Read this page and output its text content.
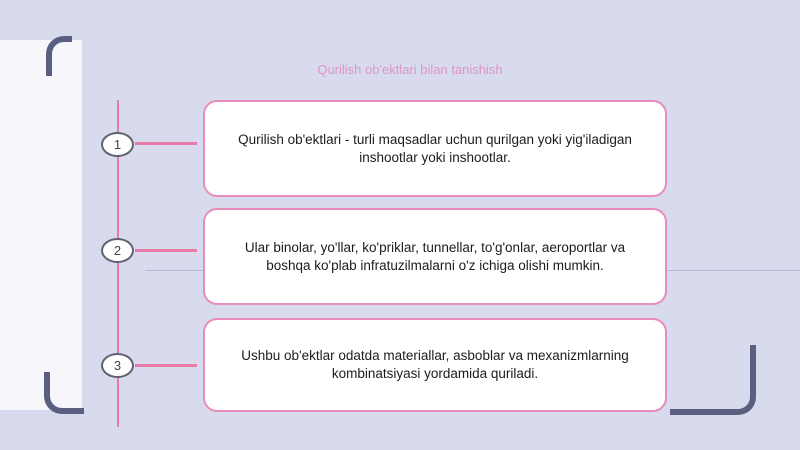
Qurilish ob'ektlari bilan tanishish
1	Qurilish ob'ektlari - turli maqsadlar uchun qurilgan yoki yig'iladigan inshootlar yoki inshootlar.
2	Ular binolar, yo'llar, ko'priklar, tunnellar, to'g'onlar, aeroportlar va boshqa ko'plab infratuzilmalarni o'z ichiga olishi mumkin.
3
Ushbu ob'ektlar odatda materiallar, asboblar va mexanizmlarning kombinatsiyasi yordamida quriladi.
